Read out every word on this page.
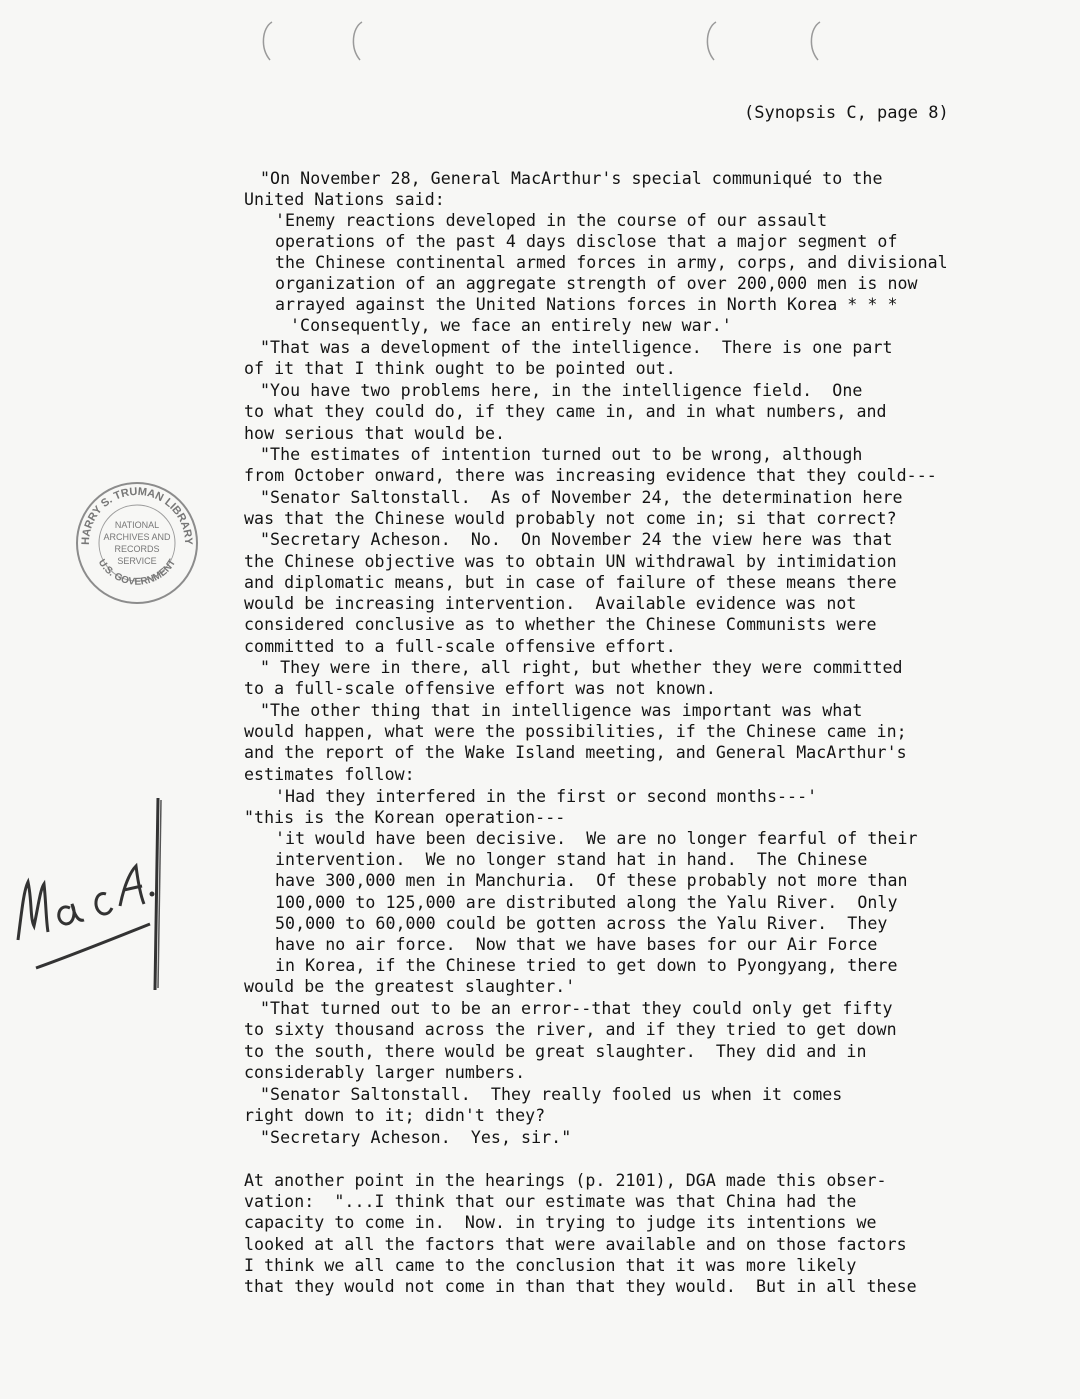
(Synopsis C, page 8)
HARRY S. TRUMAN LIBRARY
U.S. GOVERNMENT
NATIONAL
ARCHIVES AND
RECORDS
SERVICE
"On November 28, General MacArthur's special communiqué to the
United Nations said:
'Enemy reactions developed in the course of our assault
operations of the past 4 days disclose that a major segment of
the Chinese continental armed forces in army, corps, and divisional
organization of an aggregate strength of over 200,000 men is now
arrayed against the United Nations forces in North Korea * * *
'Consequently, we face an entirely new war.'
"That was a development of the intelligence.  There is one part
of it that I think ought to be pointed out.
"You have two problems here, in the intelligence field.  One
to what they could do, if they came in, and in what numbers, and
how serious that would be.
"The estimates of intention turned out to be wrong, although
from October onward, there was increasing evidence that they could---
"Senator Saltonstall.  As of November 24, the determination here
was that the Chinese would probably not come in; si that correct?
"Secretary Acheson.  No.  On November 24 the view here was that
the Chinese objective was to obtain UN withdrawal by intimidation
and diplomatic means, but in case of failure of these means there
would be increasing intervention.  Available evidence was not
considered conclusive as to whether the Chinese Communists were
committed to a full-scale offensive effort.
" They were in there, all right, but whether they were committed
to a full-scale offensive effort was not known.
"The other thing that in intelligence was important was what
would happen, what were the possibilities, if the Chinese came in;
and the report of the Wake Island meeting, and General MacArthur's
estimates follow:
'Had they interfered in the first or second months---'
"this is the Korean operation---
'it would have been decisive.  We are no longer fearful of their
intervention.  We no longer stand hat in hand.  The Chinese
have 300,000 men in Manchuria.  Of these probably not more than
100,000 to 125,000 are distributed along the Yalu River.  Only
50,000 to 60,000 could be gotten across the Yalu River.  They
have no air force.  Now that we have bases for our Air Force
in Korea, if the Chinese tried to get down to Pyongyang, there
would be the greatest slaughter.'
"That turned out to be an error--that they could only get fifty
to sixty thousand across the river, and if they tried to get down
to the south, there would be great slaughter.  They did and in
considerably larger numbers.
"Senator Saltonstall.  They really fooled us when it comes
right down to it; didn't they?
"Secretary Acheson.  Yes, sir."
At another point in the hearings (p. 2101), DGA made this obser-
vation:  "...I think that our estimate was that China had the
capacity to come in.  Now. in trying to judge its intentions we
looked at all the factors that were available and on those factors
I think we all came to the conclusion that it was more likely
that they would not come in than that they would.  But in all these
